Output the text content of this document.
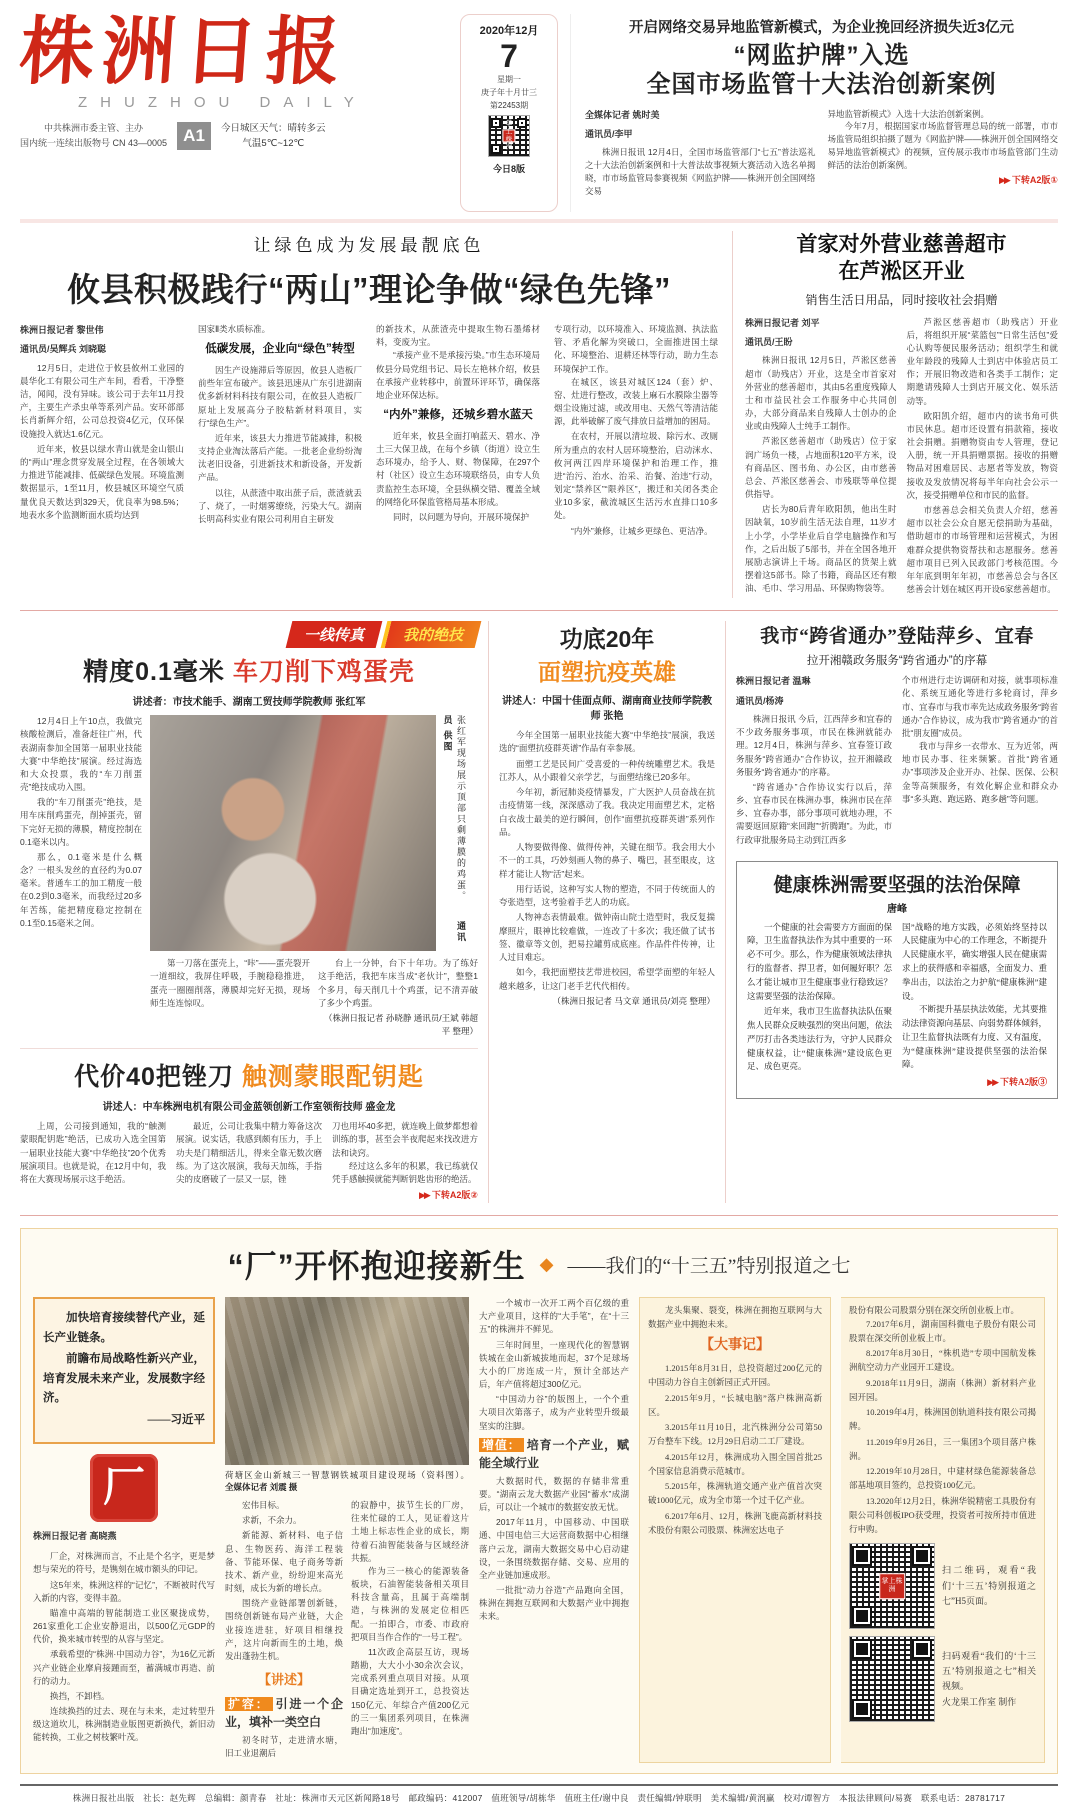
株洲日报
ZHUZHOU DAILY
中共株洲市委主管、主办
国内统一连续出版物号 CN 43—0005 A1	今日城区天气：晴转多云
气温5℃~12℃
2020年12月
7
星期一
庚子年十月廿三
第22453期
掌上株洲
今日8版
开启网络交易异地监管新模式，为企业挽回经济损失近3亿元
“网监护牌”入选
全国市场监管十大法治创新案例
全媒体记者 姚时美
通讯员/李甲

株洲日报讯 12月4日，全国市场监管部门“七五”普法巡礼之十大法治创新案例和十大普法故事视频大赛活动入选名单揭晓，市市场监管局参赛视频《网监护牌——株洲开创全国网络交易

异地监管新模式》入选十大法治创新案例。

今年7月，根据国家市场监督管理总局的统一部署，市市场监管局组织拍摄了题为《网监护牌——株洲开创全国网络交易异地监管新模式》的视频，宣传展示我市市场监管部门生动鲜活的法治创新案例。

▶▶ 下转A2版①
让绿色成为发展最靓底色
攸县积极践行“两山”理论争做“绿色先锋”
株洲日报记者 黎世伟
通讯员/吴辉兵 刘晓聪

12月5日，走进位于攸县攸州工业园的晨华化工有限公司生产车间，看看，干净整洁，闻闻，没有异味。该公司于去年11月投产，主要生产杀虫单等系列产品。安环部部长肖新辉介绍，公司总投资4亿元，仅环保设施投入就达1.6亿元。

近年来，攸县以绿水青山就是金山银山的“两山”理念贯穿发展全过程，在各领域大力推进节能减排、低碳绿色发展。环境监测数据显示，1至11月，攸县城区环境空气质量优良天数达到329天，优良率为98.5%；地表水多个监测断面水质均达到

国家Ⅱ类水质标准。
低碳发展，企业向“绿色”转型

因生产设施滞后等原因，攸县人造板厂前些年宣布破产。该县迅速从广东引进湖南优多新材料科技有限公司，在攸县人造板厂原址上发展高分子胶粘新材料项目，实行“绿色生产”。

近年来，该县大力推进节能减排，积极支持企业淘汰落后产能。一批老企业纷纷淘汰老旧设备，引进新技术和新设备，开发新产品。

以往，从蔗渣中取出蔗子后，蔗渣就丢了、烧了，一时烟雾缭绕，污染大气。湖南长明高科实业有限公司利用自主研发

的新技术，从蔗渣壳中提取生物石墨烯材料，变废为宝。

“承接产业不是承接污染。”市生态环境局攸县分局党组书记、局长左艳林介绍，攸县在承接产业转移中，前置环评环节，确保落地企业环保达标。

“内外”兼修，还城乡碧水蓝天

近年来，攸县全面打响蓝天、碧水、净土三大保卫战，在每个乡镇（街道）设立生态环境办，给予人、财、物保障，在297个村（社区）设立生态环境联络员，由专人负责监控生态环境，全县纵横交错、覆盖全域的网络化环保监管格局基本形成。

同时，以问题为导向，开展环境保护

专项行动，以环境准入、环境监测、执法监管、矛盾化解为突破口，全面推进国土绿化、环境整治、退耕还林等行动，助力生态环境保护工作。

在城区，该县对城区124（套）炉、窑、灶进行整改，改装上麻石水膜除尘器等烟尘设施过滤，或改用电、天然气等清洁能源，此举破解了废气排放日益增加的困局。

在农村，开展以清垃圾、除污水、改厕所为重点的农村人居环境整治，启动洣水、攸河两江四岸环境保护和治理工作，推进“治污、治水、治采、治餐、治违”行动，划定“禁养区”“限养区”，搬迁和关闭各类企业10多家，截流城区生活污水直排口10多处。

“内外”兼修，让城乡更绿色、更洁净。

首家对外营业慈善超市
在芦淞区开业
销售生活日用品，同时接收社会捐赠
株洲日报记者 刘平
通讯员/王盼

株洲日报讯 12月5日，芦淞区慈善超市（助残店）开业，这是全市首家对外营业的慈善超市，其由5名重度残障人士和市益民社会工作服务中心共同创办，大部分商品来自残障人士创办的企业或由残障人士纯手工制作。

芦淞区慈善超市（助残店）位于家润广场负一楼，占地面积120平方米，设有商品区、图书角、办公区，由市慈善总会、芦淞区慈善会、市残联等单位提供指导。

店长为80后青年欧阳凯，他出生时因缺氧，10岁前生活无法自理，11岁才上小学，小学毕业后自学电脑操作和写作，之后出版了5部书，并在全国各地开展励志演讲上千场。商品区的货架上就摆着这5部书。除了书籍，商品区还有粮油、毛巾、学习用品、环保购物袋等。

芦淞区慈善超市（助残店）开业后，将组织开展“菜篮包”“日常生活包”爱心认购等便民服务活动；组织学生和就业年龄段的残障人士到店中体验店员工作；开展旧物改造和各类手工制作；定期邀请残障人士到店开展文化、娱乐活动等。

欧阳凯介绍，超市内的读书角可供市民休息。超市还设置有捐款箱，接收社会捐赠。捐赠物资由专人管理，登记入册，统一开具捐赠票据。接收的捐赠物品对困难居民、志愿者等发放，物资接收及发放情况将每半年向社会公示一次，接受捐赠单位和市民的监督。

市慈善总会相关负责人介绍，慈善超市以社会公众自愿无偿捐助为基础，借助超市的市场管理和运营模式，为困难群众提供物资帮扶和志愿服务。慈善超市项目已列入民政部门考核范围。今年年底到明年年初，市慈善总会与各区慈善会计划在城区再开设6家慈善超市。

一线传真	我的绝技
精度0.1毫米 车刀削下鸡蛋壳
讲述者：市技术能手、湖南工贸技师学院教师 张红军

12月4日上午10点，我做完核酸检测后，准备赶往广州，代表湖南参加全国第一届职业技能大赛“中华绝技”展演。经过海选和大众投票，我的“车刀削蛋壳”绝技成功入围。

我的“车刀削蛋壳”绝技，是用车床削鸡蛋壳，削掉蛋壳，留下完好无损的薄膜，精度控制在0.1毫米以内。

那么，0.1毫米是什么概念？一根头发丝的直径约为0.07毫米。普通车工的加工精度一般在0.2到0.3毫米，而我经过20多年苦练，能把精度稳定控制在0.1至0.15毫米之间。

张红军现场展示顶部只剩薄膜的鸡蛋。 通讯员 供图

第一刀落在蛋壳上，“咔”——蛋壳裂开一道细纹，我屏住呼吸，手腕稳稳推进，蛋壳一圈圈削落，薄膜却完好无损，现场师生连连惊叹。

台上一分钟，台下十年功。为了练好这手绝活，我把车床当成“老伙计”，整整1个多月，每天削几十个鸡蛋，记不清弄破了多少个鸡蛋。

（株洲日报记者 孙晓静 通讯员/王斌 韩超平 整理）
代价40把锉刀 触测蒙眼配钥匙
讲述人：中车株洲电机有限公司金蓝领创新工作室领衔技师 盛金龙

上周，公司接到通知，我的“触测蒙眼配钥匙”绝活，已成功入选全国第一届职业技能大赛“中华绝技”20个优秀展演项目。也就是说，在12月中旬，我将在大赛现场展示这手绝活。

最近，公司让我集中精力筹备这次展演。说实话，我感到颇有压力，手上功夫是门精细活儿，得来全靠无数次磨练。为了这次展演，我每天加练，手指尖的皮磨破了一层又一层，锉

刀也用坏40多把，就连晚上做梦都想着训练的事，甚至会半夜爬起来找改进方法和诀窍。

经过这么多年的积累，我已练就仅凭手感触摸就能判断钥匙齿形的绝活。

▶▶ 下转A2版②
功底20年
面塑抗疫英雄
讲述人：中国十佳面点师、湖南商业技师学院教师 张艳

今年全国第一届职业技能大赛“中华绝技”展演，我送选的“面塑抗疫群英谱”作品有幸参展。

面塑工艺是民间广受喜爱的一种传统雕塑艺术。我是江苏人，从小跟着父亲学艺，与面塑结缘已20多年。

今年初，新冠肺炎疫情暴发，广大医护人员奋战在抗击疫情第一线，深深感动了我。我决定用面塑艺术，定格白衣战士最美的逆行瞬间，创作“面塑抗疫群英谱”系列作品。

人物要做得像、做得传神，关键在细节。我会用大小不一的工具，巧妙刻画人物的鼻子、嘴巴，甚至眼皮，这样才能让人物“活”起来。

用行话说，这种写实人物的塑造，不同于传统面人的夸张造型，这考验着手艺人的功底。

人物神态表情最难。做钟南山院士造型时，我反复揣摩照片，眼神比较难做，一连改了十多次；我还做了试书签、徽章等文创，把易拉罐剪成底座。作品件件传神，让人过目难忘。

如今，我把面塑技艺带进校园，希望学面塑的年轻人越来越多，让这门老手艺代代相传。

（株洲日报记者 马文章 通讯员/刘亮 整理）
我市“跨省通办”登陆萍乡、宜春
拉开湘赣政务服务“跨省通办”的序幕
株洲日报记者 温琳
通讯员/杨涛

株洲日报讯 今后，江西萍乡和宜春的不少政务服务事项，市民在株洲就能办理。12月4日，株洲与萍乡、宜春签订政务服务“跨省通办”合作协议，拉开湘赣政务服务“跨省通办”的序幕。

“跨省通办”合作协议实行以后，萍乡、宜春市民在株洲办事，株洲市民在萍乡、宜春办事，部分事项可就地办理，不需要返回原籍“来回跑”“折腾跑”。为此，市行政审批服务局主动到江西多

个市州进行走访调研和对接，就事项标准化、系统互通化等进行多轮商讨，萍乡市、宜春市与我市率先达成政务服务“跨省通办”合作协议，成为我市“跨省通办”的首批“朋友圈”成员。

我市与萍乡一衣带水、互为近邻，两地市民办事、往来频繁。首批“跨省通办”事项涉及企业开办、社保、医保、公积金等高频服务，有效化解企业和群众办事“多头跑、跑远路、跑多趟”等问题。

健康株洲需要坚强的法治保障
唐峰

一个健康的社会需要方方面面的保障，卫生监督执法作为其中重要的一环必不可少。那么，作为健康领域法律执行的监督者、捍卫者，如何履好职？怎么才能让城市卫生健康事业行稳致远？这需要坚强的法治保障。

近年来，我市卫生监督执法队伍聚焦人民群众反映强烈的突出问题，依法严厉打击各类违法行为，守护人民群众健康权益，让“健康株洲”建设底色更足、成色更亮。

国”战略的地方实践，必须始终坚持以人民健康为中心的工作理念，不断提升人民健康水平，确实增强人民在健康需求上的获得感和幸福感，全面发力、重拳出击，以法治之力护航“健康株洲”建设。

不断提升基层执法效能，尤其要推动法律资源向基层、向弱势群体倾斜，让卫生监督执法既有力度、又有温度，为“健康株洲”建设提供坚强的法治保障。

▶▶ 下转A2版③
“厂”开怀抱迎接新生 ◆ ——我们的“十三五”特别报道之七

加快培育接续替代产业，延长产业链条。

前瞻布局战略性新兴产业，培育发展未来产业，发展数字经济。

——习近平

厂
株洲日报记者 高晓燕

厂企，对株洲而言，不止是个名字，更是梦想与荣光的符号，是镌刻在城市额头的印记。

这5年来，株洲这样的“记忆”，不断被时代写入新的内容，变得丰盈。

瞄准中高端的智能制造工业区聚拢成势，261家重化工企业安静退出，以500亿元GDP的代价，换来城市转型的从容与坚定。

承载希望的“株洲·中国动力谷”，为16亿元新兴产业链企业摩肩接踵而至，蓄满城市再造、前行的动力。

换挡，不卸档。

连续换挡的过去、现在与未来，走过转型升级这道坎儿，株洲制造业版图更新换代，新旧动能转换，工业之树枝繁叶茂。

荷塘区金山新城三一智慧钢铁城项目建设现场（资料图）。 全媒体记者 刘震 摄

宏伟目标。

求新，不余力。

新能源、新材料、电子信息、生物医药、海洋工程装备、节能环保、电子商务等新技术、新产业，纷纷迎来高光时刻，成长为新的增长点。

围绕产业链部署创新链，围绕创新链布局产业链，大企业接连进驻，好项目相继投产，这片向新而生的土地，焕发出蓬勃生机。

【讲述】
扩容： 引进一个企业，填补一类空白

初冬时节，走进清水塘，旧工业退潮后

的寂静中，拔节生长的厂房，往来忙碌的工人，见证着这片土地上标志性企业的成长，期待着石油智能装备与区域经济共振。

作为三一核心的能源装备板块，石油智能装备相关项目科技含量高，且属于高端制造，与株洲的发展定位相匹配。一拍即合，市委、市政府把项目当作合作的“一号工程”。

11次政企高层互访，现场踏勘，大大小小30余次会议，完成系列重点项目对接。从项目确定选址到开工，总投资达150亿元、年综合产值200亿元的三一集团系列项目，在株洲跑出“加速度”。

一个城市一次开工两个百亿级的重大产业项目，这样的“大手笔”，在“十三五”的株洲并不鲜见。

三年时间里，一座现代化的智慧钢铁城在金山新城拔地而起，37个足球场大小的厂房连成一片，预计全部达产后，年产值将超过300亿元。

“中国动力谷”的版图上，一个个重大项目次第落子，成为产业转型升级最坚实的注脚。

增值： 培育一个产业，赋能全域行业

大数据时代，数据的存储非常重要。“湖南云龙大数据产业园“蓄水”成湖后，可以让一个城市的数据安放无忧。

2017年11月，中国移动、中国联通、中国电信三大运营商数据中心相继落户云龙，湖南大数据交易中心启动建设，一条围绕数据存储、交易、应用的全产业链加速成形。

一批批“动力谷造”产品跑向全国，株洲在拥抱互联网和大数据产业中拥抱未来。

龙头集聚、裂变，株洲在拥抱互联网与大数据产业中拥抱未来。

【大事记】

1.2015年8月31日，总投资超过200亿元的中国动力谷自主创新园正式开园。

2.2015年9月，“长城电脑”落户株洲高新区。

3.2015年11月10日，北汽株洲分公司第50万台整车下线。12月29日启动二工厂建设。

4.2015年12月，株洲成功入围全国首批25个国家信息消费示范城市。

5.2015年，株洲轨道交通产业产值首次突破1000亿元，成为全市第一个过千亿产业。

6.2017年6月、12月，株洲飞鹿高新材料技术股份有限公司股票、株洲宏达电子

股份有限公司股票分别在深交所创业板上市。

7.2017年6月，湖南国科微电子股份有限公司股票在深交所创业板上市。

8.2017年8月30日，“株机造”专项中国航发株洲航空动力产业园开工建设。

9.2018年11月9日，湖南（株洲）新材料产业园开园。

10.2019年4月，株洲国创轨道科技有限公司揭牌。

11.2019年9月26日，三一集团3个项目落户株洲。

12.2019年10月28日，中建材绿色能源装备总部基地项目签约，总投资100亿元。

13.2020年12月2日，株洲华锐精密工具股份有限公司科创板IPO获受理，投资者可按所持市值进行申购。

掌上株洲
扫二维码，观看“我们‘十三五’特别报道之七”H5页面。
扫码观看“我们的‘十三五’特别报道之七”相关视频。
火龙果工作室 制作
株洲日报社出版　社长：赵先辉　总编辑：颜青春　社址：株洲市天元区新闻路18号　邮政编码：412007　值班领导/胡栋华　值班主任/谢中良　责任编辑/钟联明　美术编辑/黄润赢　校对/谭智方　本报法律顾问/易赛　联系电话：28781717
